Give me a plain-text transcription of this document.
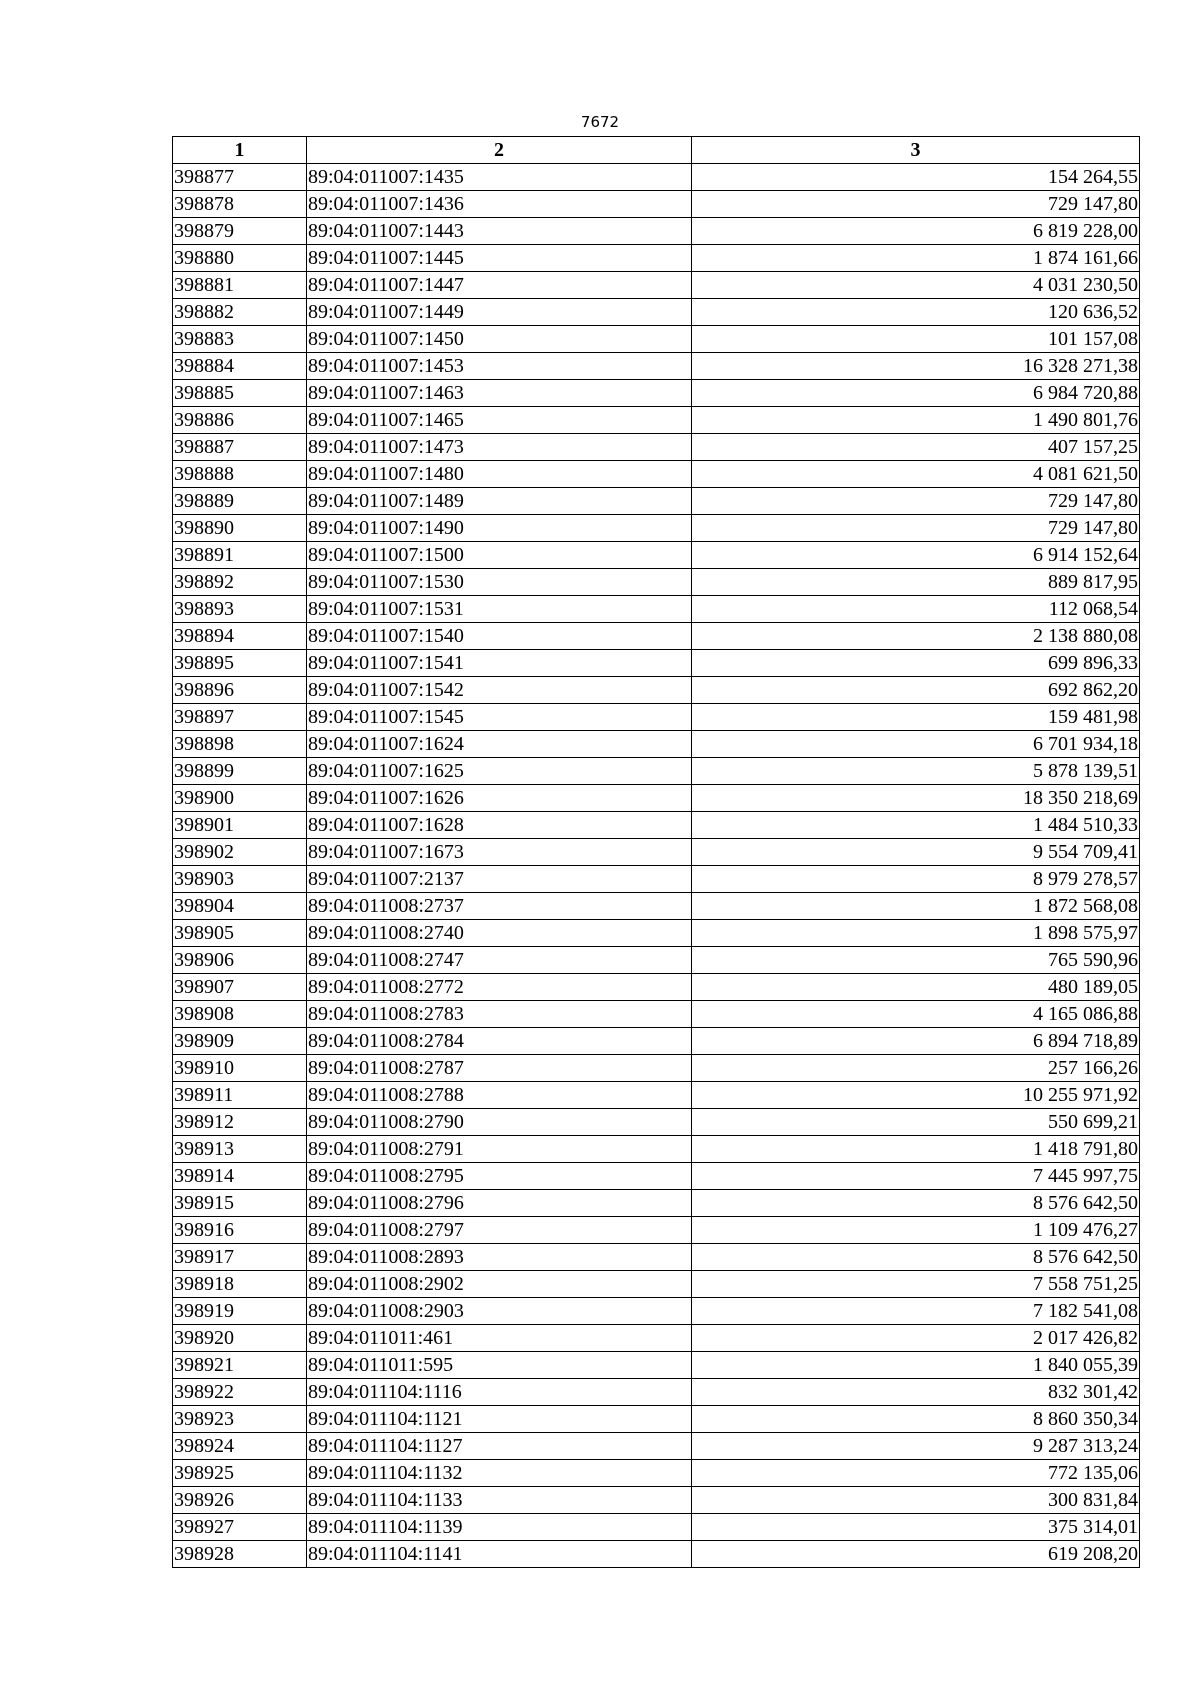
7672
1	2	3
398877	89:04:011007:1435	154 264,55
398878	89:04:011007:1436	729 147,80
398879	89:04:011007:1443	6 819 228,00
398880	89:04:011007:1445	1 874 161,66
398881	89:04:011007:1447	4 031 230,50
398882	89:04:011007:1449	120 636,52
398883	89:04:011007:1450	101 157,08
398884	89:04:011007:1453	16 328 271,38
398885	89:04:011007:1463	6 984 720,88
398886	89:04:011007:1465	1 490 801,76
398887	89:04:011007:1473	407 157,25
398888	89:04:011007:1480	4 081 621,50
398889	89:04:011007:1489	729 147,80
398890	89:04:011007:1490	729 147,80
398891	89:04:011007:1500	6 914 152,64
398892	89:04:011007:1530	889 817,95
398893	89:04:011007:1531	112 068,54
398894	89:04:011007:1540	2 138 880,08
398895	89:04:011007:1541	699 896,33
398896	89:04:011007:1542	692 862,20
398897	89:04:011007:1545	159 481,98
398898	89:04:011007:1624	6 701 934,18
398899	89:04:011007:1625	5 878 139,51
398900	89:04:011007:1626	18 350 218,69
398901	89:04:011007:1628	1 484 510,33
398902	89:04:011007:1673	9 554 709,41
398903	89:04:011007:2137	8 979 278,57
398904	89:04:011008:2737	1 872 568,08
398905	89:04:011008:2740	1 898 575,97
398906	89:04:011008:2747	765 590,96
398907	89:04:011008:2772	480 189,05
398908	89:04:011008:2783	4 165 086,88
398909	89:04:011008:2784	6 894 718,89
398910	89:04:011008:2787	257 166,26
398911	89:04:011008:2788	10 255 971,92
398912	89:04:011008:2790	550 699,21
398913	89:04:011008:2791	1 418 791,80
398914	89:04:011008:2795	7 445 997,75
398915	89:04:011008:2796	8 576 642,50
398916	89:04:011008:2797	1 109 476,27
398917	89:04:011008:2893	8 576 642,50
398918	89:04:011008:2902	7 558 751,25
398919	89:04:011008:2903	7 182 541,08
398920	89:04:011011:461	2 017 426,82
398921	89:04:011011:595	1 840 055,39
398922	89:04:011104:1116	832 301,42
398923	89:04:011104:1121	8 860 350,34
398924	89:04:011104:1127	9 287 313,24
398925	89:04:011104:1132	772 135,06
398926	89:04:011104:1133	300 831,84
398927	89:04:011104:1139	375 314,01
398928	89:04:011104:1141	619 208,20
